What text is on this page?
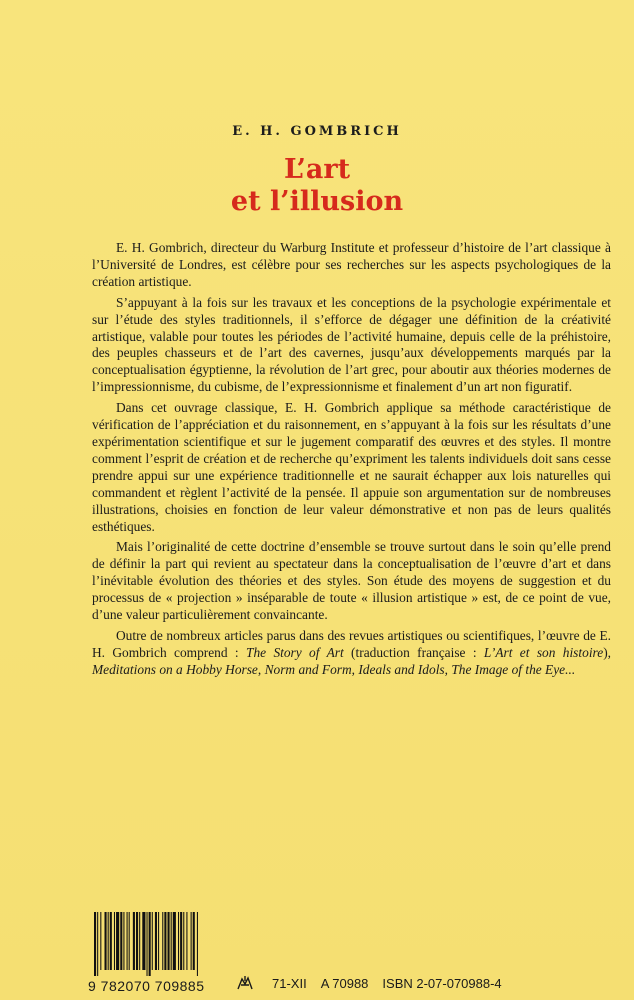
E. H. GOMBRICH
L’art
et l’illusion

E. H. Gombrich, directeur du Warburg Institute et professeur d’histoire de l’art classique à l’Université de Londres, est célèbre pour ses recherches sur les aspects psychologiques de la création artistique.

S’appuyant à la fois sur les travaux et les conceptions de la psychologie expérimentale et sur l’étude des styles traditionnels, il s’efforce de dégager une définition de la créativité artistique, valable pour toutes les périodes de l’activité humaine, depuis celle de la préhistoire, des peuples chasseurs et de l’art des cavernes, jusqu’aux développements marqués par la conceptualisation égyptienne, la révolution de l’art grec, pour aboutir aux théories modernes de l’impressionnisme, du cubisme, de l’expressionnisme et finalement d’un art non figuratif.

Dans cet ouvrage classique, E. H. Gombrich applique sa méthode caractéristique de vérification de l’appréciation et du raisonnement, en s’appuyant à la fois sur les résultats d’une expérimentation scientifique et sur le jugement comparatif des œuvres et des styles. Il montre comment l’esprit de création et de recherche qu’expriment les talents individuels doit sans cesse prendre appui sur une expérience traditionnelle et ne saurait échapper aux lois naturelles qui commandent et règlent l’activité de la pensée. Il appuie son argumentation sur de nombreuses illustrations, choisies en fonction de leur valeur démonstrative et non pas de leurs qualités esthétiques.

Mais l’originalité de cette doctrine d’ensemble se trouve surtout dans le soin qu’elle prend de définir la part qui revient au spectateur dans la conceptualisation de l’œuvre d’art et dans l’inévitable évolution des théories et des styles. Son étude des moyens de suggestion et du processus de « projection » inséparable de toute « illusion artistique » est, de ce point de vue, d’une valeur particulièrement convaincante.

Outre de nombreux articles parus dans des revues artistiques ou scientifiques, l’œuvre de E. H. Gombrich comprend : The Story of Art (traduction française : L’Art et son histoire), Meditations on a Hobby Horse, Norm and Form, Ideals and Idols, The Image of the Eye...

9 782070 709885	71-XII A 70988 ISBN 2-07-070988-4
